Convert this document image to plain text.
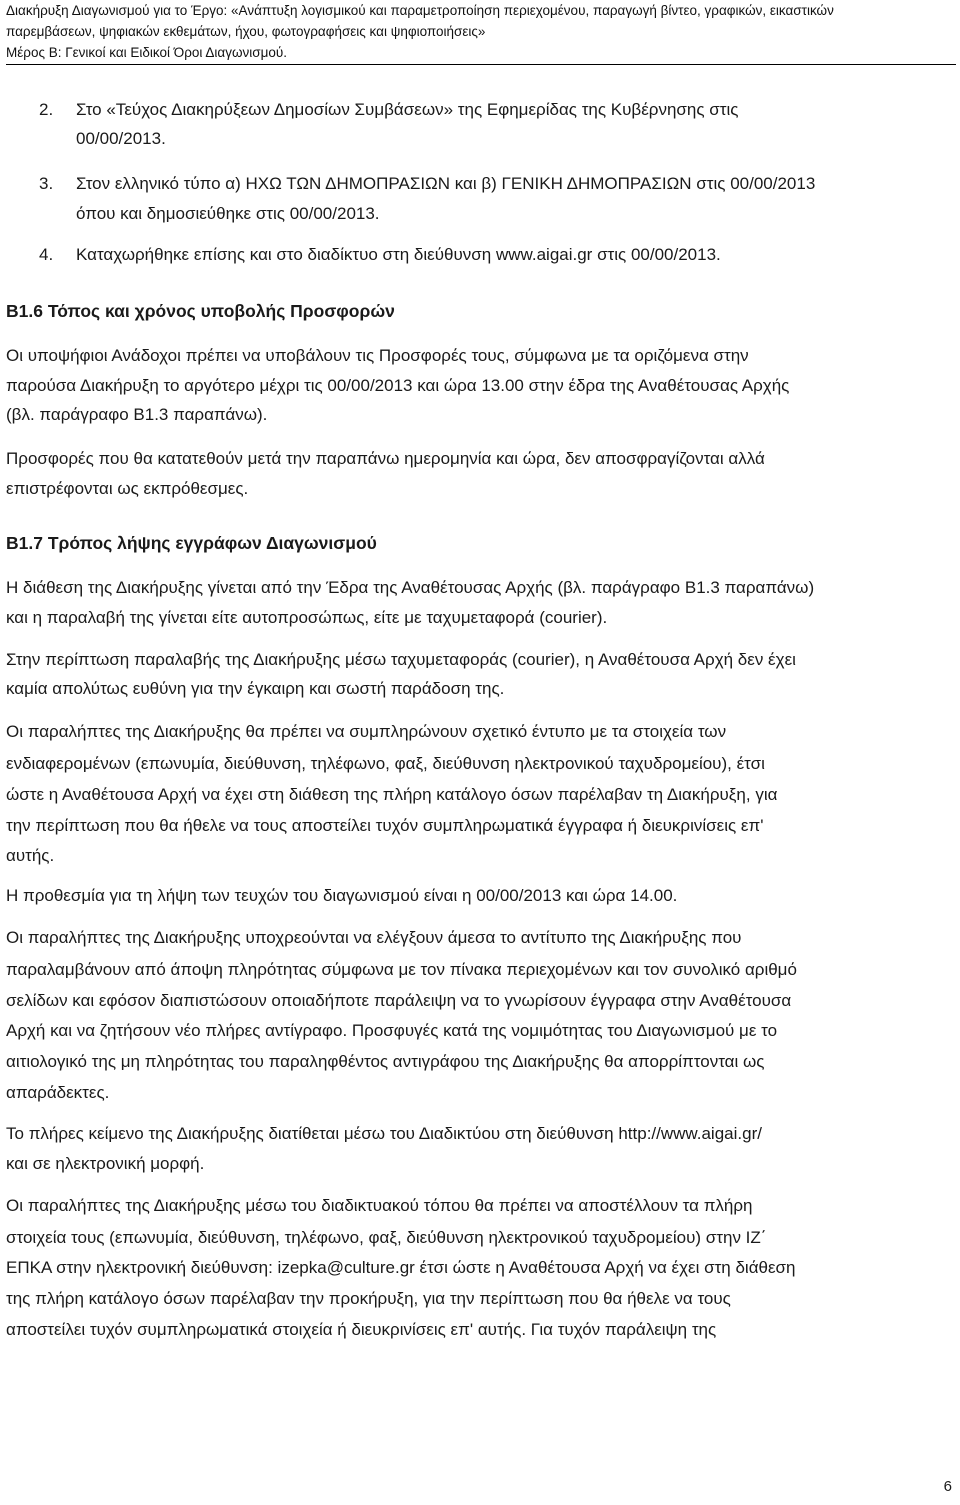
Διακήρυξη Διαγωνισμού για το Έργο: «Ανάπτυξη λογισμικού και παραμετροποίηση περιεχομένου, παραγωγή βίντεο, γραφικών, εικαστικών
παρεμβάσεων, ψηφιακών εκθεμάτων, ήχου, φωτογραφήσεις και ψηφιοποιήσεις»
Μέρος Β: Γενικοί και Ειδικοί Όροι Διαγωνισμού.
2. Στο «Τεύχος Διακηρύξεων Δημοσίων Συμβάσεων» της Εφημερίδας της Κυβέρνησης στις
00/00/2013.
3. Στον ελληνικό τύπο α) ΗΧΩ ΤΩΝ ΔΗΜΟΠΡΑΣΙΩΝ και β) ΓΕΝΙΚΗ ΔΗΜΟΠΡΑΣΙΩΝ στις 00/00/2013
όπου και δημοσιεύθηκε στις 00/00/2013.
4. Καταχωρήθηκε επίσης και στο διαδίκτυο στη διεύθυνση www.aigai.gr στις 00/00/2013.
Β1.6 Τόπος και χρόνος υποβολής Προσφορών
Οι υποψήφιοι Ανάδοχοι πρέπει να υποβάλουν τις Προσφορές τους, σύμφωνα με τα οριζόμενα στην
παρούσα Διακήρυξη το αργότερο μέχρι τις 00/00/2013 και ώρα 13.00 στην έδρα της Αναθέτουσας Αρχής
(βλ. παράγραφο Β1.3 παραπάνω).
Προσφορές που θα κατατεθούν μετά την παραπάνω ημερομηνία και ώρα, δεν αποσφραγίζονται αλλά
επιστρέφονται ως εκπρόθεσμες.
Β1.7 Τρόπος λήψης εγγράφων Διαγωνισμού
Η διάθεση της Διακήρυξης γίνεται από την Έδρα της Αναθέτουσας Αρχής (βλ. παράγραφο Β1.3 παραπάνω)
και η παραλαβή της γίνεται είτε αυτοπροσώπως, είτε με ταχυμεταφορά (courier).
Στην περίπτωση παραλαβής της Διακήρυξης μέσω ταχυμεταφοράς (courier), η Αναθέτουσα Αρχή δεν έχει
καμία απολύτως ευθύνη για την έγκαιρη και σωστή παράδοση της.
Οι παραλήπτες της Διακήρυξης θα πρέπει να συμπληρώνουν σχετικό έντυπο με τα στοιχεία των
ενδιαφερομένων (επωνυμία, διεύθυνση, τηλέφωνο, φαξ, διεύθυνση ηλεκτρονικού ταχυδρομείου), έτσι
ώστε η Αναθέτουσα Αρχή να έχει στη διάθεση της πλήρη κατάλογο όσων παρέλαβαν τη Διακήρυξη, για
την περίπτωση που θα ήθελε να τους αποστείλει τυχόν συμπληρωματικά έγγραφα ή διευκρινίσεις επ'
αυτής.
Η προθεσμία για τη λήψη των τευχών του διαγωνισμού είναι η 00/00/2013 και ώρα 14.00.
Οι παραλήπτες της Διακήρυξης υποχρεούνται να ελέγξουν άμεσα το αντίτυπο της Διακήρυξης που
παραλαμβάνουν από άποψη πληρότητας σύμφωνα με τον πίνακα περιεχομένων και τον συνολικό αριθμό
σελίδων και εφόσον διαπιστώσουν οποιαδήποτε παράλειψη να το γνωρίσουν έγγραφα στην Αναθέτουσα
Αρχή και να ζητήσουν νέο πλήρες αντίγραφο. Προσφυγές κατά της νομιμότητας του Διαγωνισμού με το
αιτιολογικό της μη πληρότητας του παραληφθέντος αντιγράφου της Διακήρυξης θα απορρίπτονται ως
απαράδεκτες.
Το πλήρες κείμενο της Διακήρυξης διατίθεται μέσω του Διαδικτύου στη διεύθυνση http://www.aigai.gr/
και σε ηλεκτρονική μορφή.
Οι παραλήπτες της Διακήρυξης μέσω του διαδικτυακού τόπου θα πρέπει να αποστέλλουν τα πλήρη
στοιχεία τους (επωνυμία, διεύθυνση, τηλέφωνο, φαξ, διεύθυνση ηλεκτρονικού ταχυδρομείου) στην ΙΖ΄
ΕΠΚΑ στην ηλεκτρονική διεύθυνση: izepka@culture.gr έτσι ώστε η Αναθέτουσα Αρχή να έχει στη διάθεση
της πλήρη κατάλογο όσων παρέλαβαν την προκήρυξη, για την περίπτωση που θα ήθελε να τους
αποστείλει τυχόν συμπληρωματικά στοιχεία ή διευκρινίσεις επ' αυτής. Για τυχόν παράλειψη της
6
